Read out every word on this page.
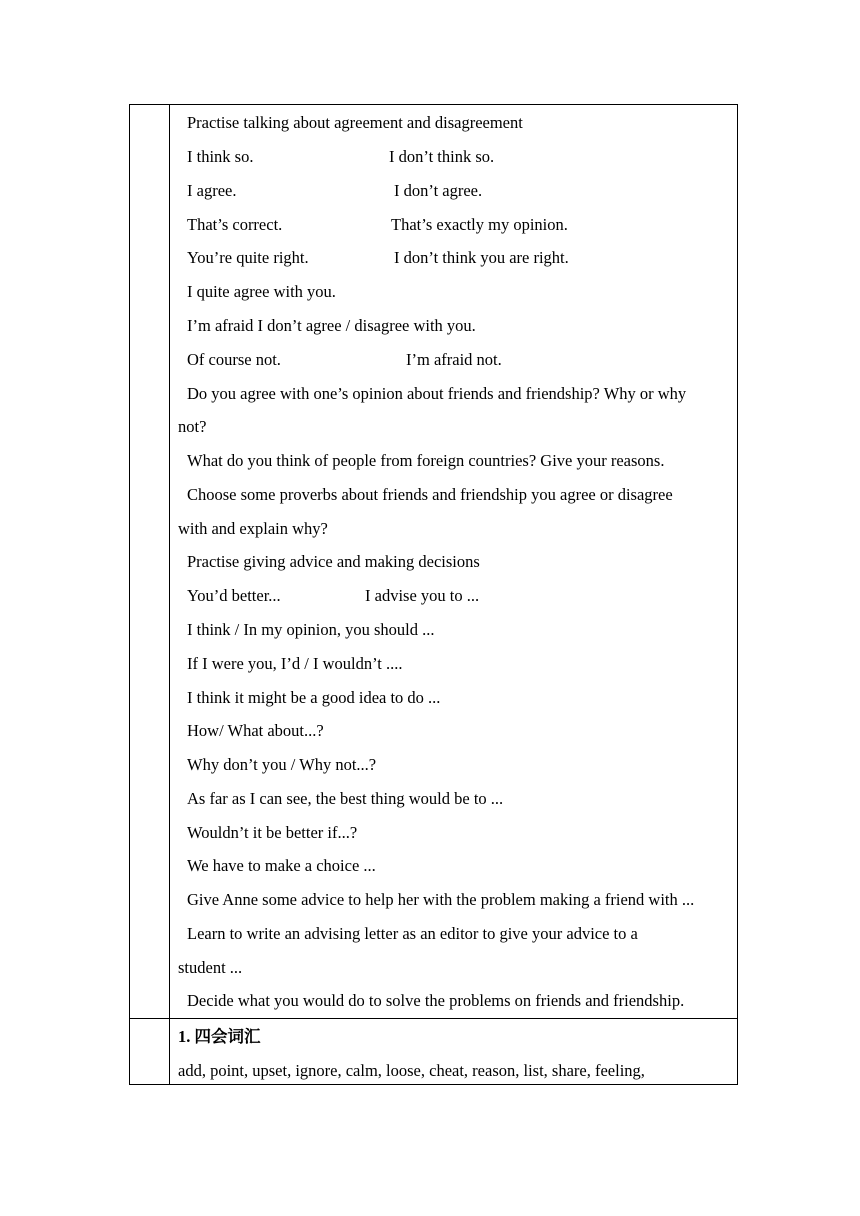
Practise talking about agreement and disagreement
I think so.	I don’t think so.
I agree.	I don’t agree.
That’s correct.	That’s exactly my opinion.
You’re quite right.	I don’t think you are right.
I quite agree with you.
I’m afraid I don’t agree / disagree with you.
Of course not.	I’m afraid not.
Do you agree with one’s opinion about friends and friendship? Why or why
not?
What do you think of people from foreign countries? Give your reasons.
Choose some proverbs about friends and friendship you agree or disagree
with and explain why?
Practise giving advice and making decisions
You’d better...	I advise you to ...
I think / In my opinion, you should ...
If I were you, I’d / I wouldn’t ....
I think it might be a good idea to do ...
How/ What about...?
Why don’t you / Why not...?
As far as I can see, the best thing would be to ...
Wouldn’t it be better if...?
We have to make a choice ...
Give Anne some advice to help her with the problem making a friend with ...
Learn to write an advising letter as an editor to give your advice to a
student ...
Decide what you would do to solve the problems on friends and friendship.
1. 四会词汇
add, point, upset, ignore, calm, loose, cheat, reason, list, share, feeling,
